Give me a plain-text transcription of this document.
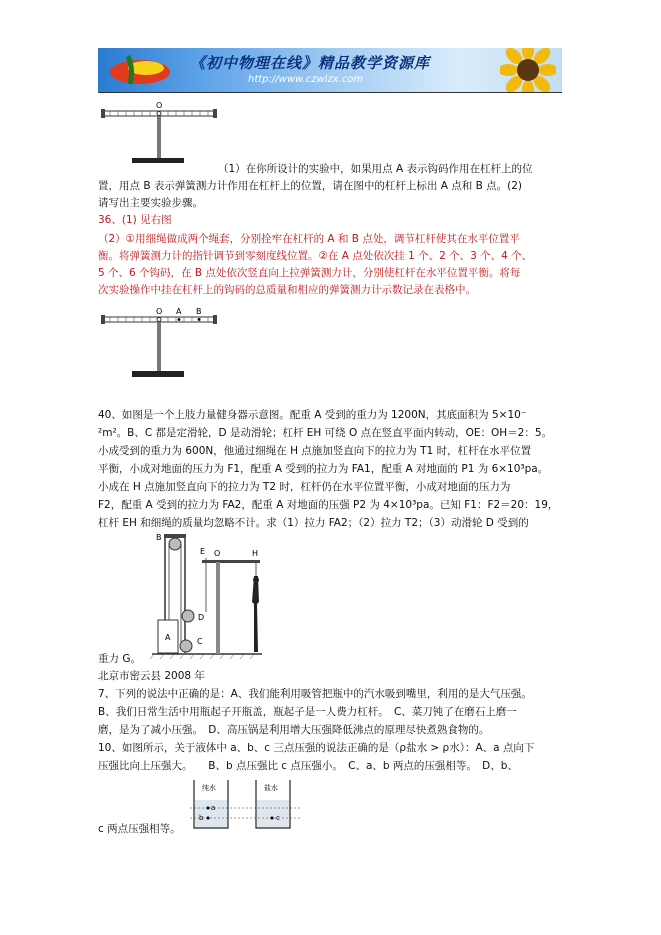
《初中物理在线》精品教学资源库
http://www.czwlzx.com
O
（1）在你所设计的实验中，如果用点 A 表示钩码作用在杠杆上的位
置，用点 B 表示弹簧测力计作用在杠杆上的位置，请在图中的杠杆上标出 A 点和 B 点。(2)
请写出主要实验步骤。
36、(1) 见右图
（2）①用细绳做成两个绳套，分别拴牢在杠杆的 A 和 B 点处，调节杠杆使其在水平位置平
衡。将弹簧测力计的指针调节到零刻度线位置。②在 A 点处依次挂 1 个、2 个、3 个、4 个、
5 个、6 个钩码，在 B 点处依次竖直向上拉弹簧测力计，分别使杠杆在水平位置平衡。将每
次实验操作中挂在杠杆上的钩码的总质量和相应的弹簧测力计示数记录在表格中。
O A B
40、如图是一个上肢力量健身器示意图。配重 A 受到的重力为 1200N，其底面积为 5×10⁻
²m²。B、C 都是定滑轮，D 是动滑轮；杠杆 EH 可绕 O 点在竖直平面内转动，OE：OH＝2：5。
小成受到的重力为 600N，他通过细绳在 H 点施加竖直向下的拉力为 T1 时，杠杆在水平位置
平衡，小成对地面的压力为 F1，配重 A 受到的拉力为 FA1，配重 A 对地面的 P1 为 6×10³pa。
小成在 H 点施加竖直向下的拉力为 T2 时，杠杆仍在水平位置平衡，小成对地面的压力为
F2，配重 A 受到的拉力为 FA2，配重 A 对地面的压强 P2 为 4×10³pa。已知 F1：F2＝20：19，
杠杆 EH 和细绳的质量均忽略不计。求（1）拉力 FA2；（2）拉力 T2；（3）动滑轮 D 受到的
B
A
D
C
E O	H
重力 G。
北京市密云县 2008 年
7、下列的说法中正确的是：A、我们能利用吸管把瓶中的汽水吸到嘴里，利用的是大气压强。
B、我们日常生活中用瓶起子开瓶盖，瓶起子是一人费力杠杆。　C、菜刀钝了在磨石上磨一
磨，是为了减小压强。　D、高压锅是利用增大压强降低沸点的原理尽快煮熟食物的。
10、如图所示，关于液体中 a、b、c 三点压强的说法正确的是（ρ盐水 > ρ水）：A、a 点向下
压强比向上压强大。　　B、b 点压强比 c 点压强小。　C、a、b 两点的压强相等。　D、b、
纯水	盐水
a
b	c
c 两点压强相等。
